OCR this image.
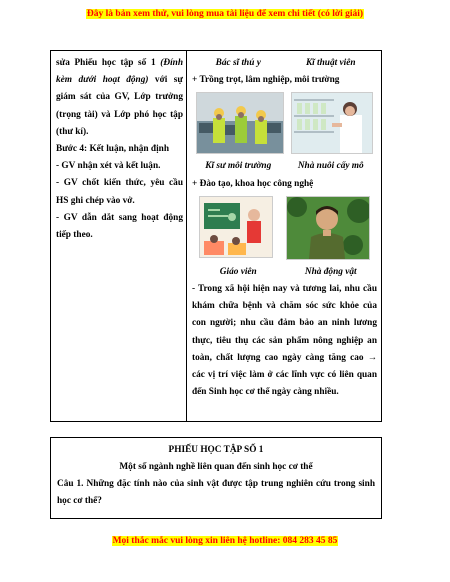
Đây là bản xem thử, vui lòng mua tài liệu để xem chi tiết (có lời giải)

sửa Phiếu học tập số 1 (Đính kèm dưới hoạt động) với sự giám sát của GV, Lớp trưởng (trọng tài) và Lớp phó học tập (thư kí).

Bước 4: Kết luận, nhận định

- GV nhận xét và kết luận.

- GV chốt kiến thức, yêu cầu HS ghi chép vào vở.

- GV dẫn dắt sang hoạt động tiếp theo.

Bác sĩ thú y	Kĩ thuật viên
+ Trồng trọt, lâm nghiệp, môi trường
Kĩ sư môi trường	Nhà nuôi cấy mô
+ Đào tạo, khoa học công nghệ
Giáo viên	Nhà động vật
- Trong xã hội hiện nay và tương lai, nhu cầu khám chữa bệnh và chăm sóc sức khỏe của con người; nhu cầu đảm bảo an ninh lương thực, tiêu thụ các sản phẩm nông nghiệp an toàn, chất lượng cao ngày càng tăng cao → các vị trí việc làm ở các lĩnh vực có liên quan đến Sinh học cơ thể ngày càng nhiều.
PHIẾU HỌC TẬP SỐ 1
Một số ngành nghề liên quan đến sinh học cơ thể
Câu 1. Những đặc tính nào của sinh vật được tập trung nghiên cứu trong sinh học cơ thể?
Mọi thắc mắc vui lòng xin liên hệ hotline: 084 283 45 85
